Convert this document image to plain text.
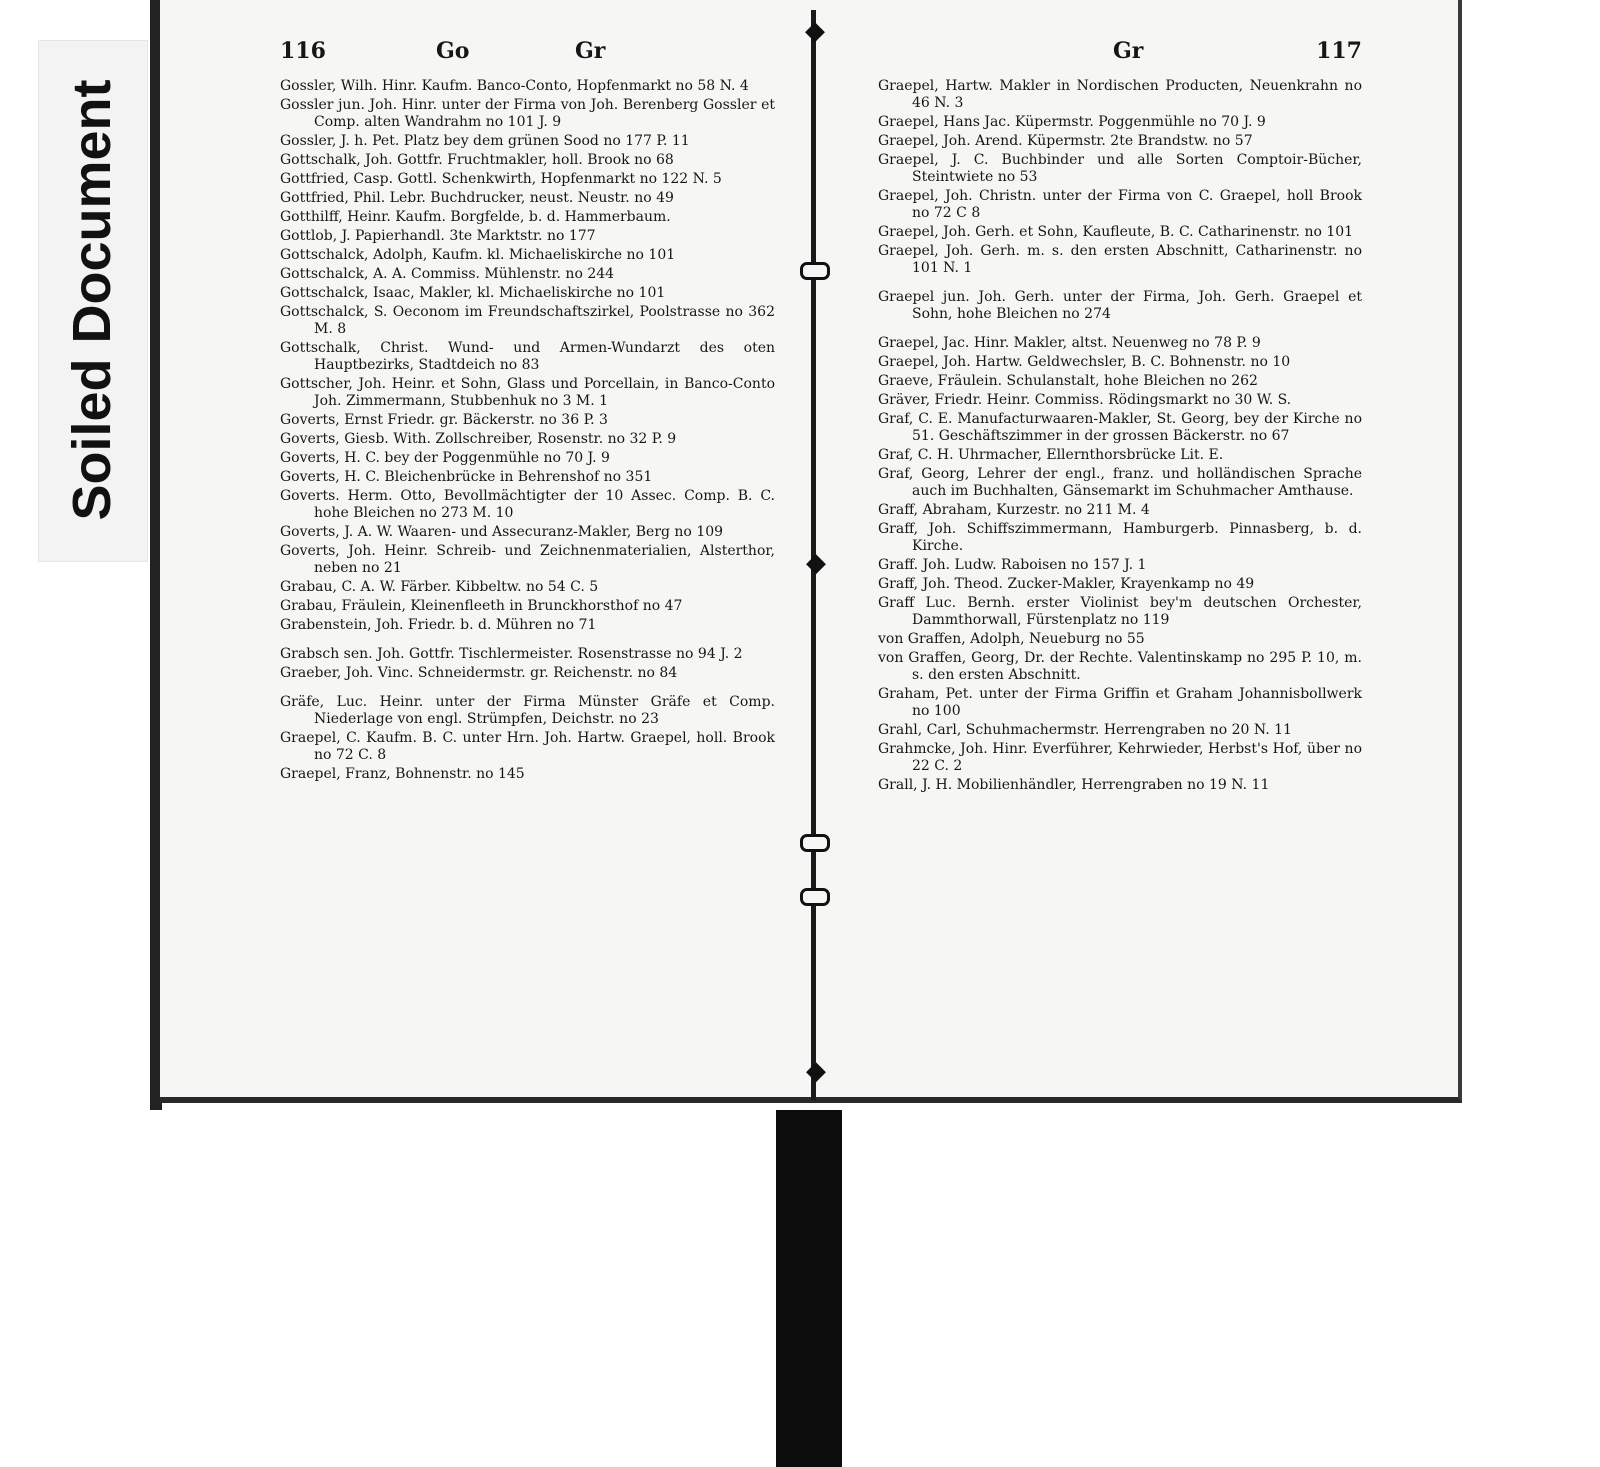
Soiled Document
◆
◆
◆
116	Go	Gr
Gossler, Wilh. Hinr. Kaufm. Banco-Conto, Hopfenmarkt no 58 N. 4
Gossler jun. Joh. Hinr. unter der Firma von Joh. Berenberg Gossler et Comp. alten Wandrahm no 101 J. 9
Gossler, J. h. Pet. Platz bey dem grünen Sood no 177 P. 11
Gottschalk, Joh. Gottfr. Fruchtmakler, holl. Brook no 68
Gottfried, Casp. Gottl. Schenkwirth, Hopfenmarkt no 122 N. 5
Gottfried, Phil. Lebr. Buchdrucker, neust. Neustr. no 49
Gotthilff, Heinr. Kaufm. Borgfelde, b. d. Hammerbaum.
Gottlob, J. Papierhandl. 3te Marktstr. no 177
Gottschalck, Adolph, Kaufm. kl. Michaeliskirche no 101
Gottschalck, A. A. Commiss. Mühlenstr. no 244
Gottschalck, Isaac, Makler, kl. Michaeliskirche no 101
Gottschalck, S. Oeconom im Freundschaftszirkel, Poolstrasse no 362 M. 8
Gottschalk, Christ. Wund- und Armen-Wundarzt des oten Hauptbezirks, Stadtdeich no 83
Gottscher, Joh. Heinr. et Sohn, Glass und Porcellain, in Banco-Conto Joh. Zimmermann, Stubbenhuk no 3 M. 1
Goverts, Ernst Friedr. gr. Bäckerstr. no 36 P. 3
Goverts, Giesb. With. Zollschreiber, Rosenstr. no 32 P. 9
Goverts, H. C. bey der Poggenmühle no 70 J. 9
Goverts, H. C. Bleichenbrücke in Behrenshof no 351
Goverts. Herm. Otto, Bevollmächtigter der 10 Assec. Comp. B. C. hohe Bleichen no 273 M. 10
Goverts, J. A. W. Waaren- und Assecuranz-Makler, Berg no 109
Goverts, Joh. Heinr. Schreib- und Zeichnenmaterialien, Alsterthor, neben no 21
Grabau, C. A. W. Färber. Kibbeltw. no 54 C. 5
Grabau, Fräulein, Kleinenfleeth in Brunckhorsthof no 47
Grabenstein, Joh. Friedr. b. d. Mühren no 71
Grabsch sen. Joh. Gottfr. Tischlermeister. Rosenstrasse no 94 J. 2
Graeber, Joh. Vinc. Schneidermstr. gr. Reichenstr. no 84
Gräfe, Luc. Heinr. unter der Firma Münster Gräfe et Comp. Niederlage von engl. Strümpfen, Deichstr. no 23
Graepel, C. Kaufm. B. C. unter Hrn. Joh. Hartw. Graepel, holl. Brook no 72 C. 8
Graepel, Franz, Bohnenstr. no 145
Gr	117
Graepel, Hartw. Makler in Nordischen Producten, Neuenkrahn no 46 N. 3
Graepel, Hans Jac. Küpermstr. Poggenmühle no 70 J. 9
Graepel, Joh. Arend. Küpermstr. 2te Brandstw. no 57
Graepel, J. C. Buchbinder und alle Sorten Comptoir-Bücher, Steintwiete no 53
Graepel, Joh. Christn. unter der Firma von C. Graepel, holl Brook no 72 C 8
Graepel, Joh. Gerh. et Sohn, Kaufleute, B. C. Catharinenstr. no 101
Graepel, Joh. Gerh. m. s. den ersten Abschnitt, Catharinenstr. no 101 N. 1
Graepel jun. Joh. Gerh. unter der Firma, Joh. Gerh. Graepel et Sohn, hohe Bleichen no 274
Graepel, Jac. Hinr. Makler, altst. Neuenweg no 78 P. 9
Graepel, Joh. Hartw. Geldwechsler, B. C. Bohnenstr. no 10
Graeve, Fräulein. Schulanstalt, hohe Bleichen no 262
Gräver, Friedr. Heinr. Commiss. Rödingsmarkt no 30 W. S.
Graf, C. E. Manufacturwaaren-Makler, St. Georg, bey der Kirche no 51. Geschäftszimmer in der grossen Bäckerstr. no 67
Graf, C. H. Uhrmacher, Ellernthorsbrücke Lit. E.
Graf, Georg, Lehrer der engl., franz. und holländischen Sprache auch im Buchhalten, Gänsemarkt im Schuhmacher Amthause.
Graff, Abraham, Kurzestr. no 211 M. 4
Graff, Joh. Schiffszimmermann, Hamburgerb. Pinnasberg, b. d. Kirche.
Graff. Joh. Ludw. Raboisen no 157 J. 1
Graff, Joh. Theod. Zucker-Makler, Krayenkamp no 49
Graff Luc. Bernh. erster Violinist bey'm deutschen Orchester, Dammthorwall, Fürstenplatz no 119
von Graffen, Adolph, Neueburg no 55
von Graffen, Georg, Dr. der Rechte. Valentinskamp no 295 P. 10, m. s. den ersten Abschnitt.
Graham, Pet. unter der Firma Griffin et Graham Johannisbollwerk no 100
Grahl, Carl, Schuhmachermstr. Herrengraben no 20 N. 11
Grahmcke, Joh. Hinr. Everführer, Kehrwieder, Herbst's Hof, über no 22 C. 2
Grall, J. H. Mobilienhändler, Herrengraben no 19 N. 11
